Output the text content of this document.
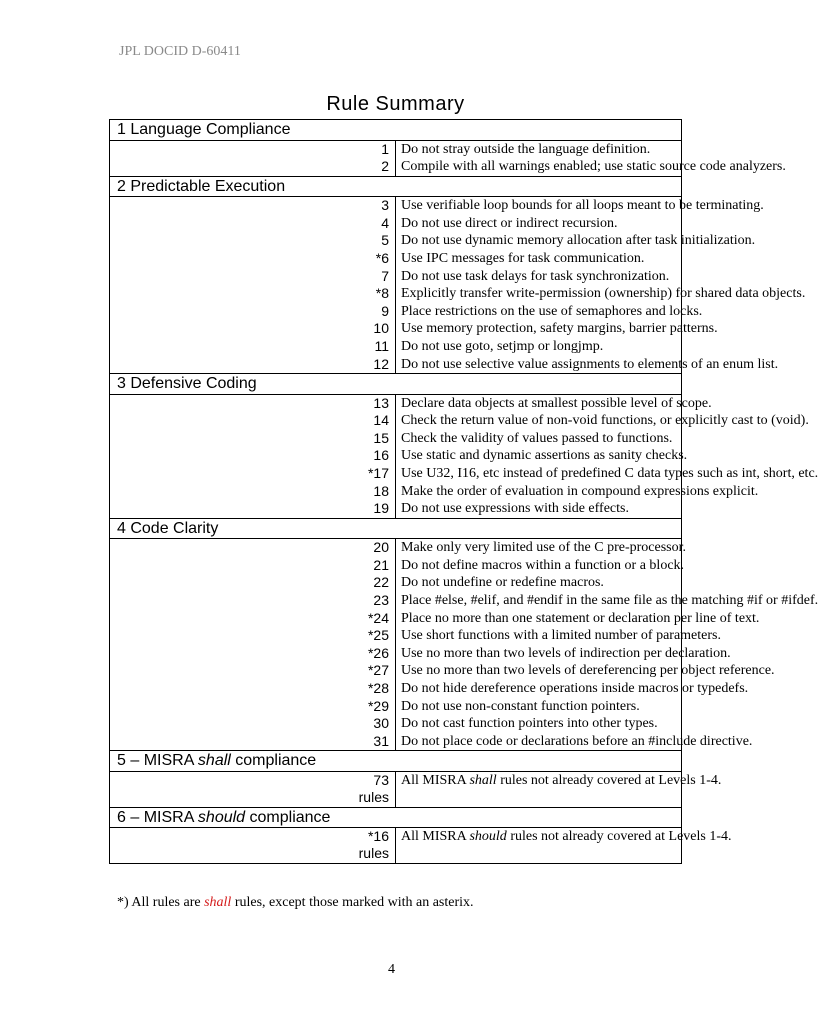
JPL DOCID D-60411
Rule Summary
1 Language Compliance	
1	Do not stray outside the language definition.
2	Compile with all warnings enabled; use static source code analyzers.
2 Predictable Execution	
3	Use verifiable loop bounds for all loops meant to be terminating.
4	Do not use direct or indirect recursion.
5	Do not use dynamic memory allocation after task initialization.
*6	Use IPC messages for task communication.
7	Do not use task delays for task synchronization.
*8	Explicitly transfer write-permission (ownership) for shared data objects.
9	Place restrictions on the use of semaphores and locks.
10	Use memory protection, safety margins, barrier patterns.
11	Do not use goto, setjmp or longjmp.
12	Do not use selective value assignments to elements of an enum list.
3 Defensive Coding	
13	Declare data objects at smallest possible level of scope.
14	Check the return value of non-void functions, or explicitly cast to (void).
15	Check the validity of values passed to functions.
16	Use static and dynamic assertions as sanity checks.
*17	Use U32, I16, etc instead of predefined C data types such as int, short, etc.
18	Make the order of evaluation in compound expressions explicit.
19	Do not use expressions with side effects.
4 Code Clarity	
20	Make only very limited use of the C pre-processor.
21	Do not define macros within a function or a block.
22	Do not undefine or redefine macros.
23	Place #else, #elif, and #endif in the same file as the matching #if or #ifdef.
*24	Place no more than one statement or declaration per line of text.
*25	Use short functions with a limited number of parameters.
*26	Use no more than two levels of indirection per declaration.
*27	Use no more than two levels of dereferencing per object reference.
*28	Do not hide dereference operations inside macros or typedefs.
*29	Do not use non-constant function pointers.
30	Do not cast function pointers into other types.
31	Do not place code or declarations before an #include directive.
5 – MISRA shall compliance	
73
rules	All MISRA shall rules not already covered at Levels 1-4.
6 – MISRA should compliance	
*16
rules	All MISRA should rules not already covered at Levels 1-4.
*) All rules are shall rules, except those marked with an asterix.
4
